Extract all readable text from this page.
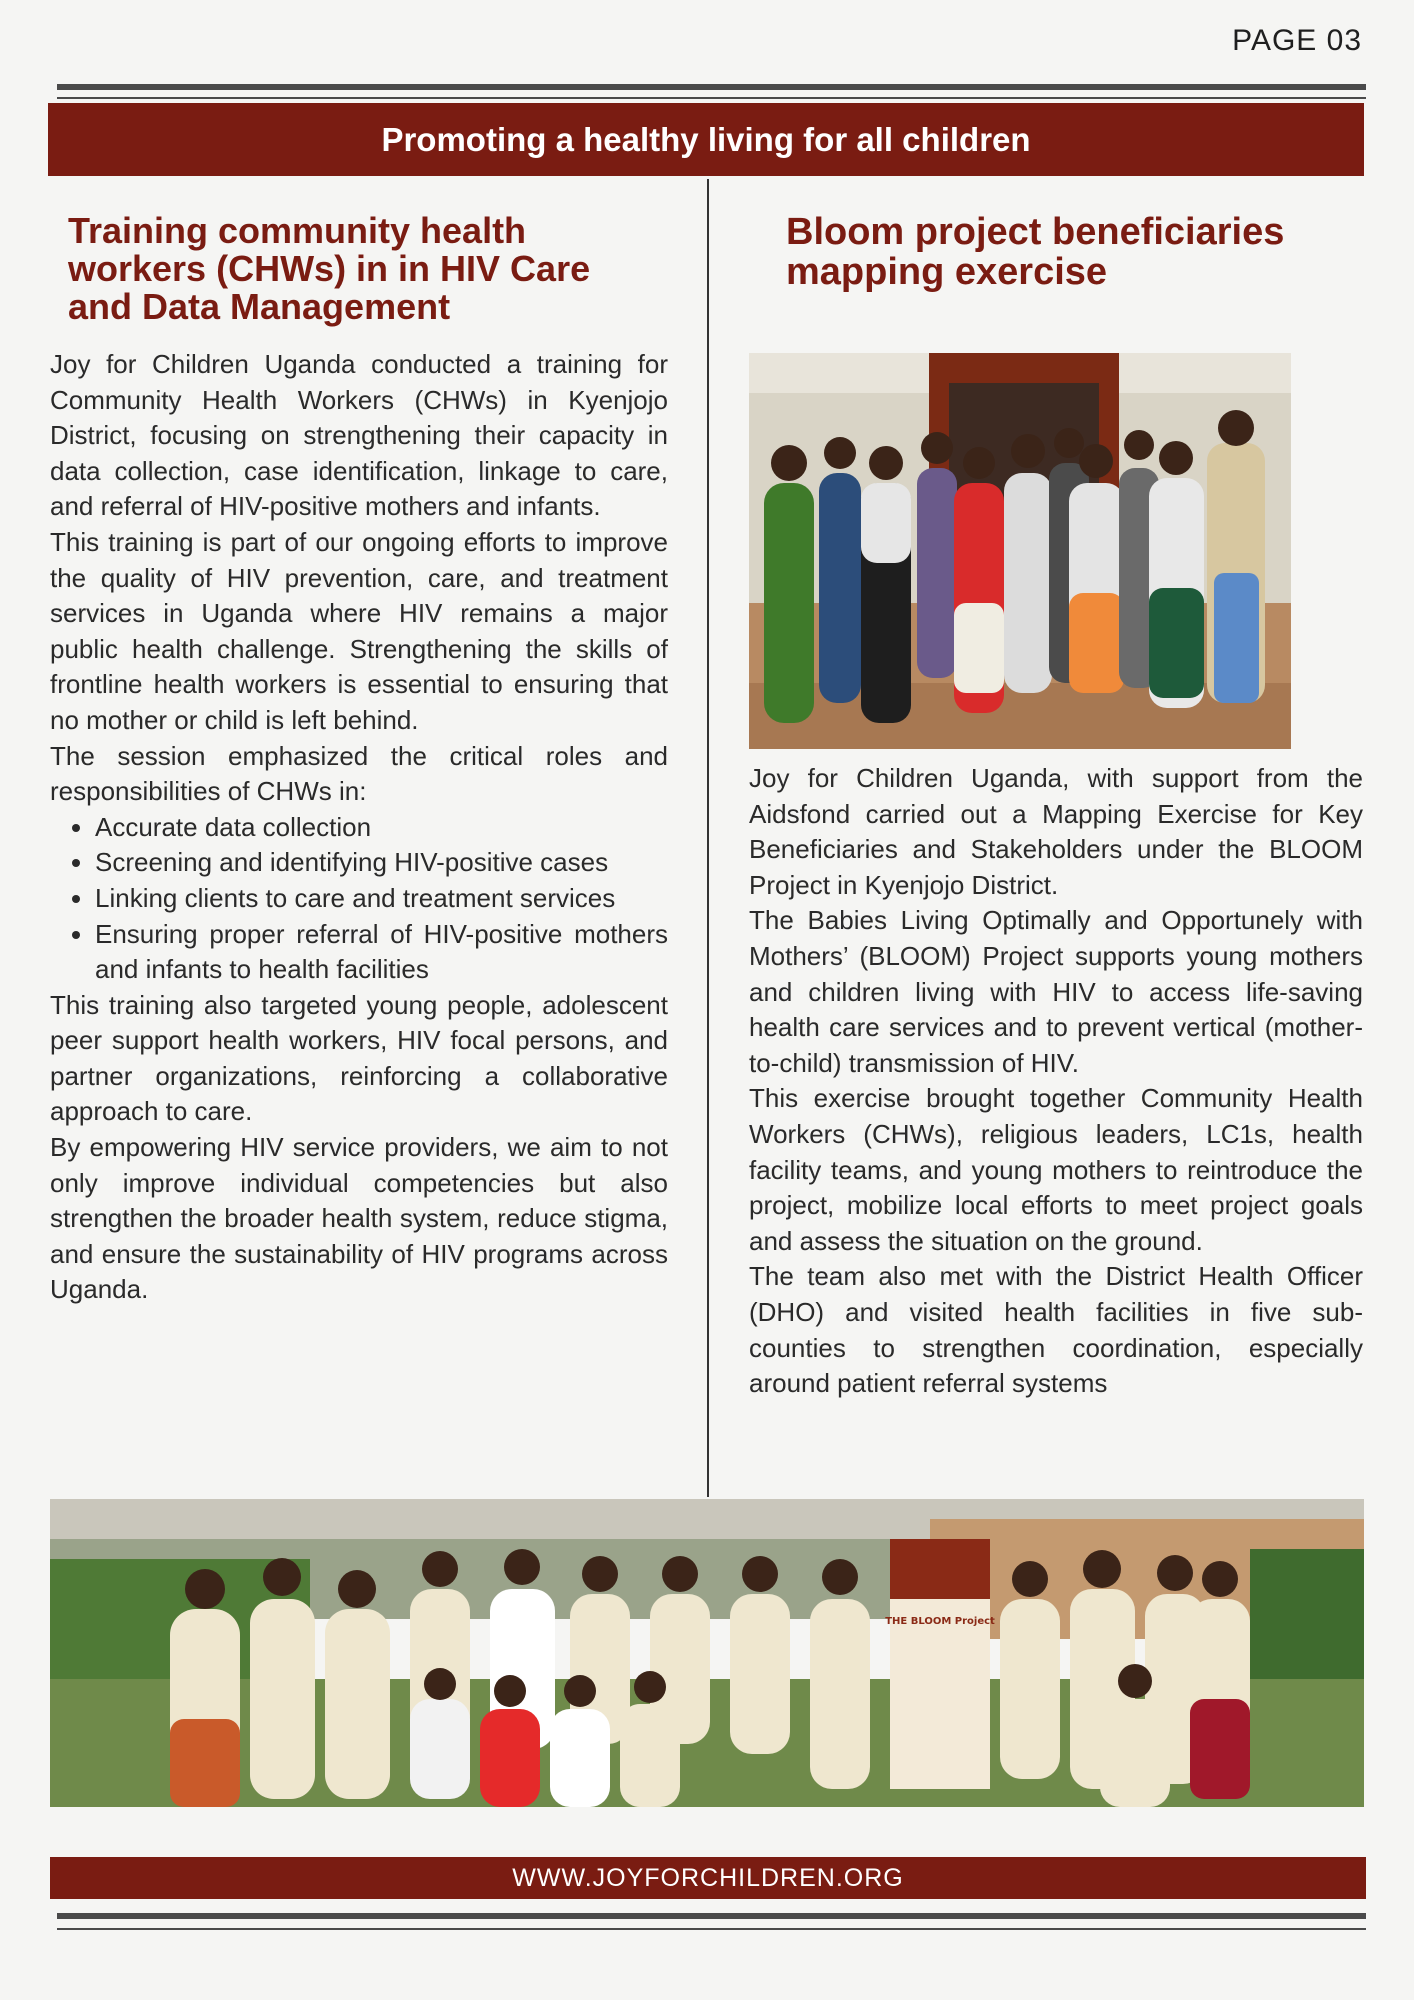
PAGE 03
Promoting a healthy living for all children
Training community health workers (CHWs) in in HIV Care and Data Management

Joy for Children Uganda conducted a training for Community Health Workers (CHWs) in Kyenjojo District, focusing on strengthening their capacity in data collection, case identification, linkage to care, and referral of HIV-positive mothers and infants.

This training is part of our ongoing efforts to improve the quality of HIV prevention, care, and treatment services in Uganda where HIV remains a major public health challenge. Strengthening the skills of frontline health workers is essential to ensuring that no mother or child is left behind.

The session emphasized the critical roles and responsibilities of CHWs in:

• Accurate data collection
• Screening and identifying HIV-positive cases
• Linking clients to care and treatment services
• Ensuring proper referral of HIV-positive mothers and infants to health facilities

This training also targeted young people, adolescent peer support health workers, HIV focal persons, and partner organizations, reinforcing a collaborative approach to care.

By empowering HIV service providers, we aim to not only improve individual competencies but also strengthen the broader health system, reduce stigma, and ensure the sustainability of HIV programs across Uganda.

Bloom project beneficiaries mapping exercise

Joy for Children Uganda, with support from the Aidsfond carried out a Mapping Exercise for Key Beneficiaries and Stakeholders under the BLOOM Project in Kyenjojo District.

The Babies Living Optimally and Opportunely with Mothers’ (BLOOM) Project supports young mothers and children living with HIV to access life-saving health care services and to prevent vertical (mother-to-child) transmission of HIV.

This exercise brought together Community Health Workers (CHWs), religious leaders, LC1s, health facility teams, and young mothers to reintroduce the project, mobilize local efforts to meet project goals and assess the situation on the ground.

The team also met with the District Health Officer (DHO) and visited health facilities in five sub-counties to strengthen coordination, especially around patient referral systems

THE BLOOM Project
WWW.JOYFORCHILDREN.ORG
